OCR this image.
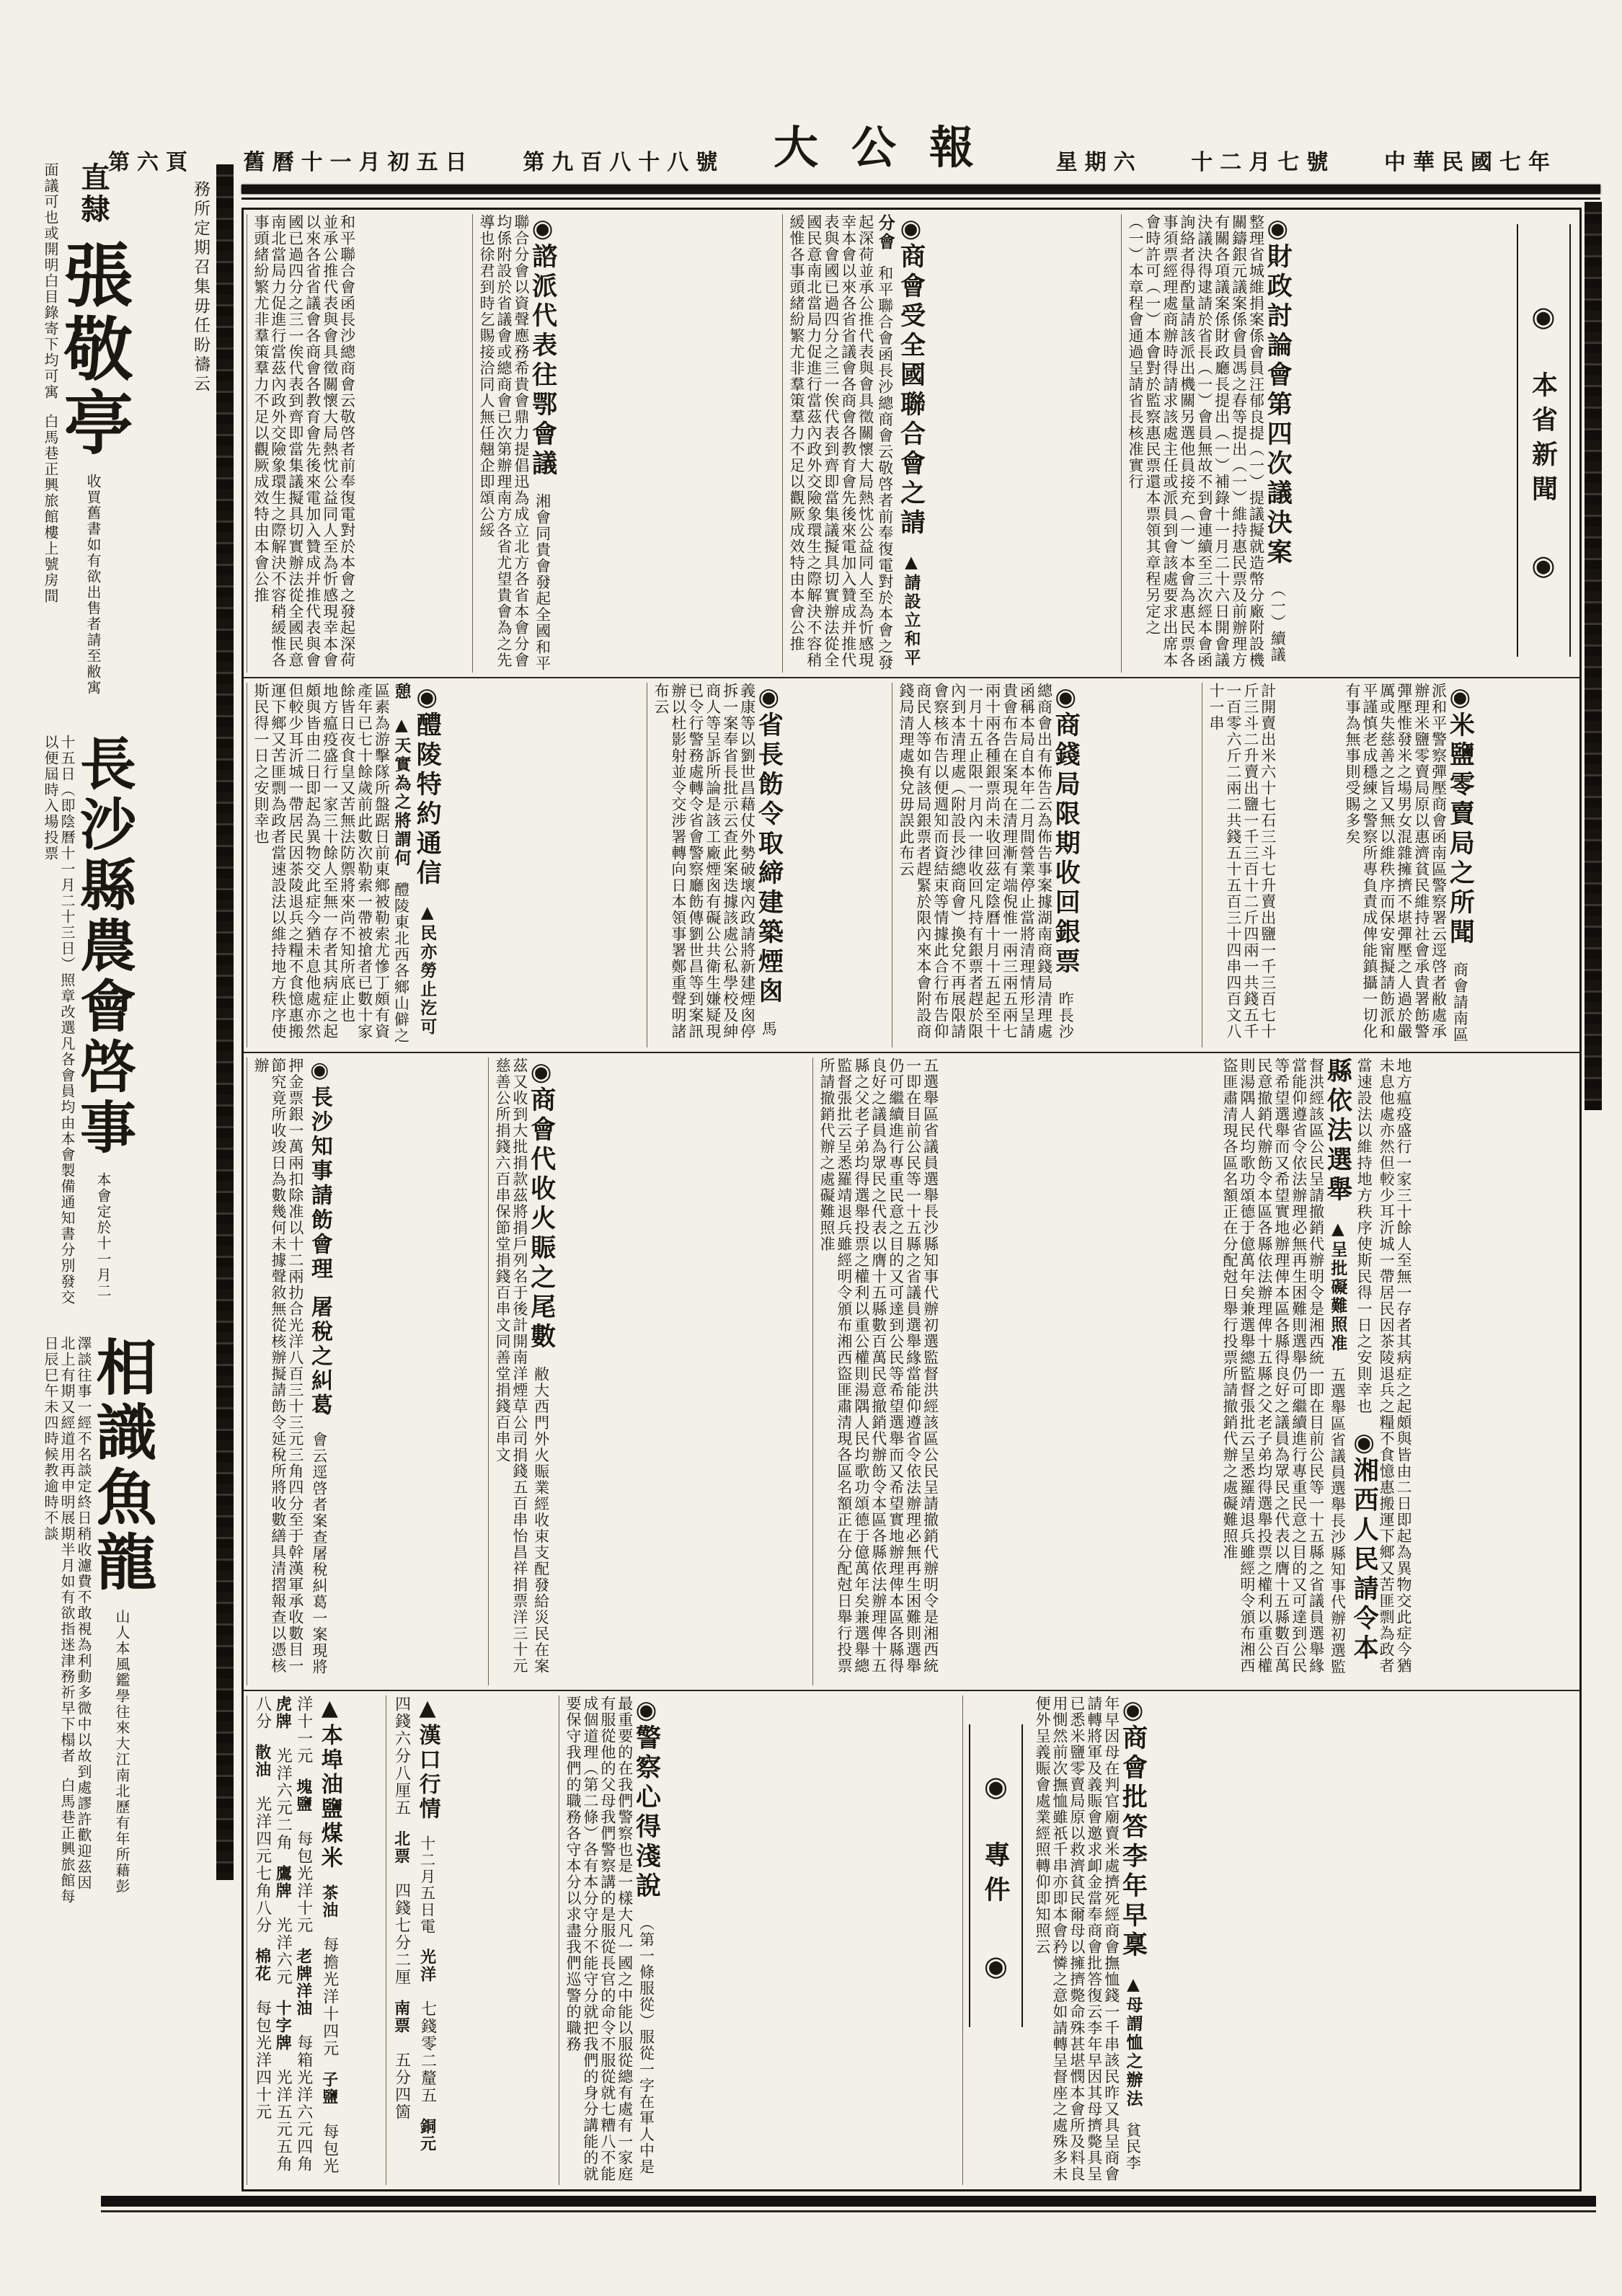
中華民國七年
十二月七號
星期六
大公報
第九百八十八號
舊曆十一月初五日
第六頁
務所定期召集毋任盼禱云
直隸 張敬亭 收買舊書如有欲出售者請至敝寓面議可也或開明白目錄寄下均可寓 白馬巷正興旅館樓上號房間
長沙縣農會啓事 本會定於十一月二十五日（即陰曆十一月二十三日）照章改選凡各會員均由本會製備通知書分別發交以便屆時入場投票
相識魚龍 山人本風鑑學往來大江南北歷有年所藉彭澤談往事一經不名談定終日稍收濾費不敢視為利動多微中以故到處謬許歡迎茲因北上有期又經道用再申明展期半月如有欲指迷津務祈早下榻者 白馬巷正興旅館每日辰巳午未四時候教逾時不談
◉ 本省新聞 ◉
◉財政討論會第四次議決案 （一）續議整理省城維捐案係會員汪郁良提（一）提議擬就造幣分廠附設機關鑄銀元議案係會員馮之春等提出（一）維持惠民票及前辦理方有關各項議案係財政廳長提出（一）補錄十一月二十六日開會議決議決得逮請於省長（一）會員無故不到會連續至三次經本會函詢絡者得酌量請該派出機關另選他員接充（一）本會為惠民票各事須票經理處商辦時得請求該處主任或派員到會該處要求出席本會時許可（一）本會對於監察惠民票還本票領其章程另定之（一）本章程會通過呈請省長核准實行
◉商會受全國聯合會之請 ▲請設立和平分會 和平聯合會函長沙總商會云敬啓者前奉復電對於本會之發起深荷並承公推代表與會具徵關懷大局熱忱公益同人至為忻感現幸本會以來各省省議會各商會各教育會先後來電加入贊成并推代表與會國已過四分之三一俟代表到齊即當集議擬具切實辦法從全國民意南北當局力促進行當茲內政外交險象環生之際解決不容稍緩惟各事頭緒紛繁尤非羣策羣力不足以觀厥成效特由本會公推
◉諮派代表往鄂會議 湘會同貴會發起全國和平聯合分會以資聲應務希貴會鼎力提倡迅為成立北方各省本會分會均係附設於省議會或總商會已次第辦理南方各省尤望貴會為之先導也徐君到時乞賜接洽同人無任翹企即頌公綏
和平聯合會函長沙總商會云敬啓者前奉復電對於本會之發起深荷並承公推代表與會具徵關懷大局熱忱公益同人至為忻感現幸本會以來各省省議會各商會各教育會先後來電加入贊成并推代表與會國已過四分之三一俟代表到齊即當集議擬具切實辦法從全國民意南北當局力促進行當茲內政外交險象環生之際解決不容稍緩惟各事頭緒紛繁尤非羣策羣力不足以觀厥成效特由本會公推
◉米鹽零賣局之所聞 商會請南區派和平警察彈壓商會函南區警察署云逕啓者敝處承辦理米鹽零賣局原以惠濟貧民維持社會承貴署飭警彈壓惟發米之場男女混雜擁擠不堪彈壓之人過於嚴厲或失慈善之旨又無以維秩序而保安甯擬請飭派和平謹慎老成穩練之警察所專負責成俾能鎮攝一切化有事為無事則受賜多矣
計開賣出米六十七石三斗七升賣出鹽一千三百七十斤三斗二升賣出鹽一千三百十二斤四兩一共錢五千一百零六斤二兩二共錢五十五百三十四串四百文八十一串
◉商錢局限期收回銀票 昨長沙總商會出有佈告云為佈告事案據湖南商錢局清理處函稱本局自本年二月間營業停止當將清理情形呈請貴會布告在案現在清理漸有端倪惟一兩三兩五兩七兩十兩各種銀票尚未收回茲定陰曆十月十五起至十一月十五止限一月內一律收回凡持有銀票者趕於限內到本清理處（附設長沙總商會）換兌不再展限請會察核布告以便週知而資結束等情據此合行布告仰商民人等如有該局銀票者趕緊於限內來本會附設商錢局清理處換兌毋誤此布云
◉省長飭令取締建築煙囪 馬義康等以劉世昌藉仗外勢破壞內政請將新建煙囪停拆一案奉省長批示云查此案迭據該處公私學校及紳商人等呈訴所論是該工廠煙囪有礙公共衛生嫌疑現已令行警務處轉令省會警察廳飭傳劉世昌等到案訊辦以杜影射並令交涉署轉向日本領事署鄭重聲明諸布云
◉醴陵特約通信 ▲民亦勞止汔可憩 ▲天實為之將謂何 醴陵東北西各鄉山僻之區素為游擊隊所盤踞日前東鄉被勒索尤慘丁頗有資產年已七十餘歲前此數次勒索一帶被搶者已數十家餘皆日夜食皇又苦無法防禦將來尚不知所底止也 地方瘟疫盛行一家三十餘人至無一存者其病症之起頗與皆由二日即起為異物交此症今猶未息他處亦然但較少耳沂城一帶居民因茶陵退兵之糧不食憶惠搬運下鄉又苦匪剽為政者當速設法以維持地方秩序使斯民得一日之安則幸也
地方瘟疫盛行一家三十餘人至無一存者其病症之起頗與皆由二日即起為異物交此症今猶未息他處亦然但較少耳沂城一帶居民因茶陵退兵之糧不食憶惠搬運下鄉又苦匪剽為政者當速設法以維持地方秩序使斯民得一日之安則幸也 ◉湘西人民請令本縣依法選舉 ▲呈批礙難照准 五選舉區省議員選舉長沙縣知事代辦初選監督洪經該區公民呈請撤銷代辦明令是湘西統一即在目前公民等一十五縣之省議員選舉緣當能仰遵省令依法辦理必無再生困難則選舉仍可繼續進行專重民意之目的又可達到公民等希望選舉而又希望實地辦理俾本區各縣得良好之議員為眾民之代表以膺十五縣數百萬民意撤銷代辦飭令本區各縣依法辦理俾十五縣之父老子弟均得選舉投票之權利以重公權則湯隅人民均歌功頌德于億萬年矣兼選舉總監督張批云呈悉羅靖退兵雖經明令頒布湘西盜匪肅清現各區名額正在分配尅日舉行投票所請撤銷代辦之處礙難照准
五選舉區省議員選舉長沙縣知事代辦初選監督洪經該區公民呈請撤銷代辦明令是湘西統一即在目前公民等一十五縣之省議員選舉緣當能仰遵省令依法辦理必無再生困難則選舉仍可繼續進行專重民意之目的又可達到公民等希望選舉而又希望實地辦理俾本區各縣得良好之議員為眾民之代表以膺十五縣數百萬民意撤銷代辦飭令本區各縣依法辦理俾十五縣之父老子弟均得選舉投票之權利以重公權則湯隅人民均歌功頌德于億萬年矣兼選舉總監督張批云呈悉羅靖退兵雖經明令頒布湘西盜匪肅清現各區名額正在分配尅日舉行投票所請撤銷代辦之處礙難照准
◉商會代收火賑之尾數 敝大西門外火賑業經收束支配發給災民在案茲又收到大批捐款茲將捐戶列名于後計開南洋煙草公司捐錢五百串怡昌祥捐票洋三十元慈善公所捐錢六百串保節堂捐錢百串文同善堂捐錢百串文
◉長沙知事請飭會理 屠稅之糾葛 會云逕啓者案查屠稅糾葛一案現將押金票銀一萬兩扣除准以十二兩扐合光洋八百三十三元三角四分至于幹漢軍承收數目一節究竟所收竣日為數幾何未據聲敘無從核辦擬請飭令延稅所將收數繕具清摺報查以憑核辦
◉商會批答李年早稟 ▲母謂恤之辦法 貧民李年早因母在判官廟賣米處擠死經商會撫恤錢一千串該民昨又具呈商會請轉將軍及義賑會邀求卹金當奉商會批答復云李年早因其母擠斃具呈已悉米鹽零賣局原以救濟貧民爾母以擁擠斃命殊甚堪憫本會所及料良用惻然前次撫恤雖祇千串亦即本會矜憐之意如請轉呈督座之處殊多未便外呈義賑會處業經照轉仰即知照云
◉ 專件 ◉
◉警察心得淺說 （第一條服從）服從一字在軍人中是最重要的在我們警察也是一樣大凡一國之中能以服從總有處有一家庭有服從他的父母我們警察講的是服從長官的命令不服從就七糟八不能成個道理（第二條）各有本分守分不能守分就把我們的身分講能的就要保守我們的職務各守本分以求盡我們巡警的職務
▲漢口行情 十二月五日電 光洋　七錢零二釐五 銅元　四錢六分八厘五 北票　四錢七分二厘 南票　五分四箇
▲本埠油鹽煤米 茶油　每擔光洋十四元 子鹽　每包光洋十一元 塊鹽　每包光洋十元 老牌洋油　每箱光洋六元四角 虎牌　光洋六元二角 鷹牌　光洋六元 十字牌　光洋五元五角八分 散油　光洋四元七角八分 棉花　每包光洋四十元
